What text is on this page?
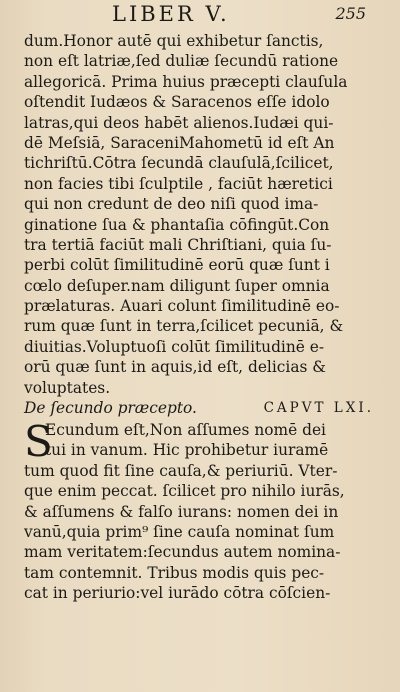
LIBER V.	255
dum.Honor autē qui exhibetur ſanctis,
non eſt latriæ,ſed duliæ ſecundū ratione
allegoricā. Prima huius præcepti clauſula
oſtendit Iudæos & Saracenos eſſe idolo
latras,qui deos habēt alienos.Iudæi qui-
dē Meſsiā, SaraceniMahometū id eſt An
tichriſtū.Cōtra ſecundā clauſulā,ſcilicet,
non facies tibi ſculptile , faciūt hæretici
qui non credunt de deo niſi quod ima-
ginatione ſua & phantaſia cōfingūt.Con
tra tertiā faciūt mali Chriſtiani, quia ſu-
perbi colūt ſimilitudinē eorū quæ ſunt i
cœlo deſuper.nam diligunt ſuper omnia
prælaturas. Auari colunt ſimilitudinē eo-
rum quæ ſunt in terra,ſcilicet pecuniā, &
diuitias.Voluptuoſi colūt ſimilitudinē e-
orū quæ ſunt in aquis,id eſt, delicias &
voluptates.
De ſecundo præcepto.	CAPVT LXI.
S
Ecundum eſt,Non aſſumes nomē dei
tui in vanum. Hic prohibetur iuramē
tum quod fit ſine cauſa,& periuriū. Vter-
que enim peccat. ſcilicet pro nihilo iurās,
& aſſumens & falſo iurans: nomen dei in
vanū,quia prim⁹ ſine cauſa nominat ſum
mam veritatem:ſecundus autem nomina-
tam contemnit. Tribus modis quis pec-
cat in periurio:vel iurādo cōtra cōſcien-
